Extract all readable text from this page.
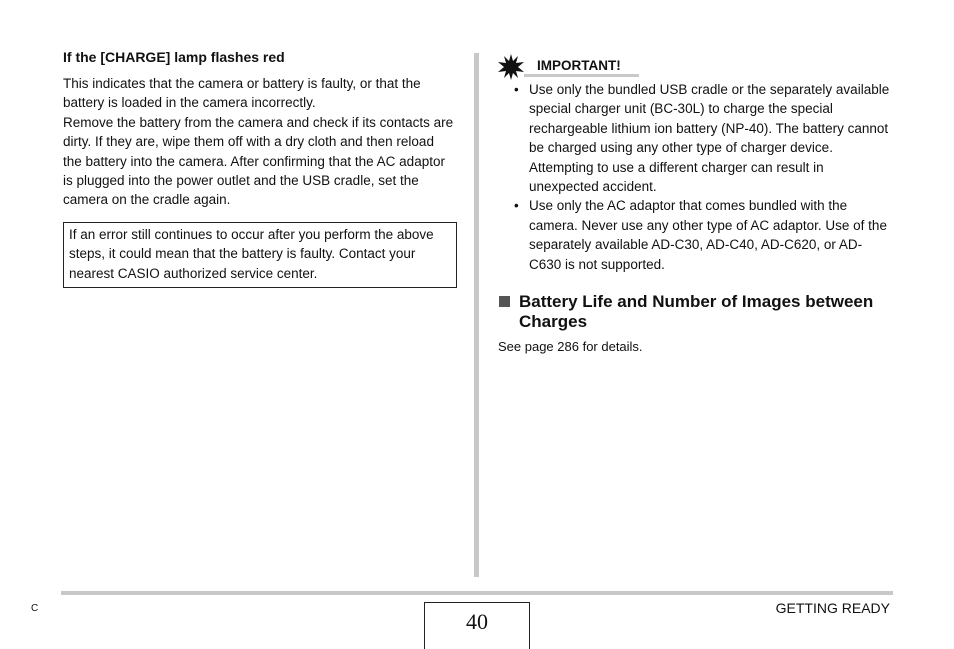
If the [CHARGE] lamp flashes red

This indicates that the camera or battery is faulty, or that the battery is loaded in the camera incorrectly.

Remove the battery from the camera and check if its contacts are dirty. If they are, wipe them off with a dry cloth and then reload the battery into the camera. After confirming that the AC adaptor is plugged into the power outlet and the USB cradle, set the camera on the cradle again.

If an error still continues to occur after you perform the above steps, it could mean that the battery is faulty. Contact your nearest CASIO authorized service center.
IMPORTANT!
• Use only the bundled USB cradle or the separately available special charger unit (BC-30L) to charge the special rechargeable lithium ion battery (NP-40). The battery cannot be charged using any other type of charger device. Attempting to use a different charger can result in unexpected accident.
• Use only the AC adaptor that comes bundled with the camera. Never use any other type of AC adaptor. Use of the separately available AD-C30, AD-C40, AD-C620, or AD-C630 is not supported.
Battery Life and Number of Images between Charges
See page 286 for details.
C
40
GETTING READY
